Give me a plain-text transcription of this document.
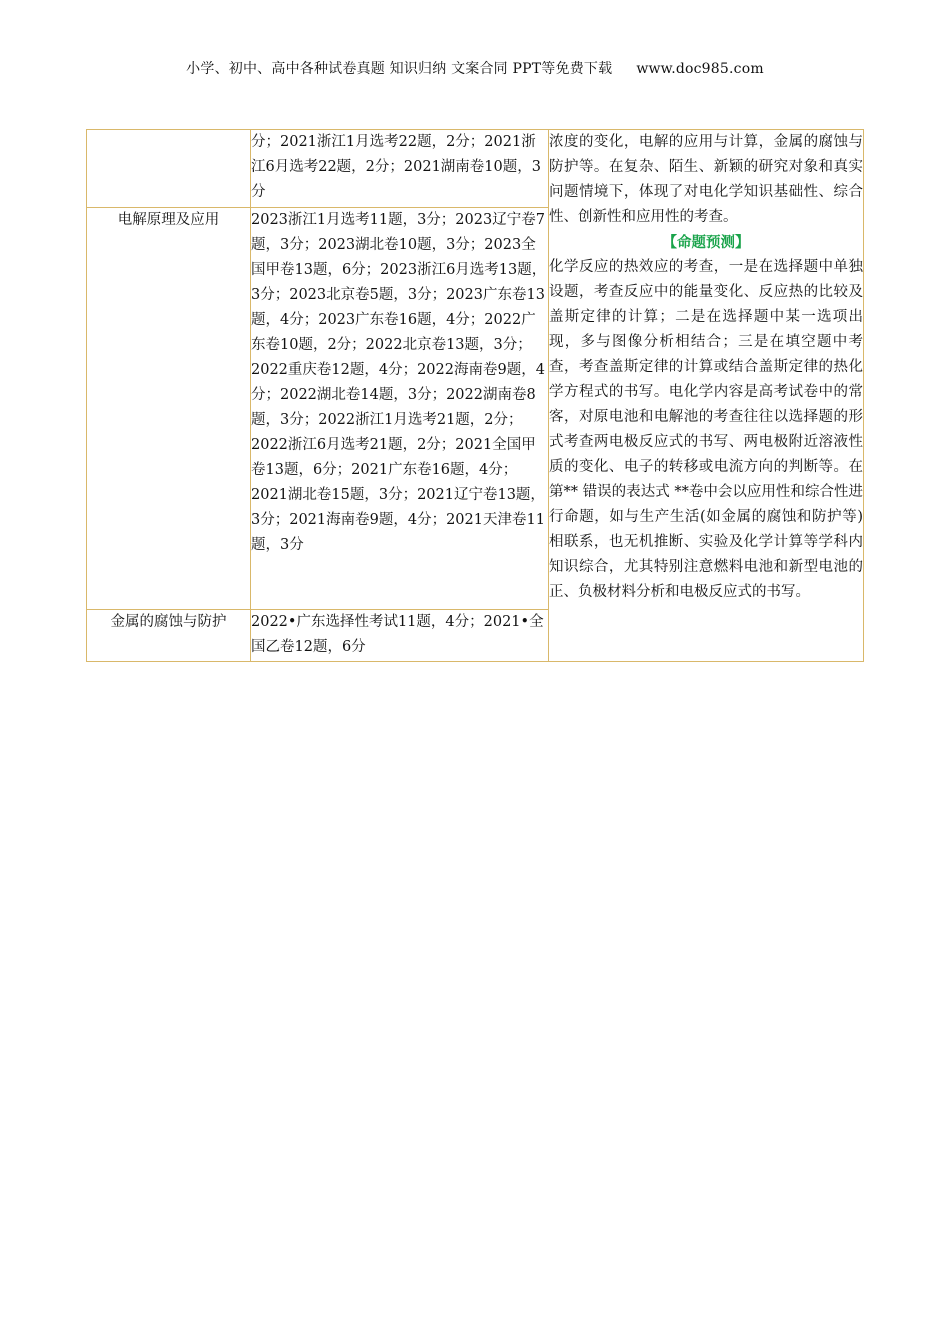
小学、初中、高中各种试卷真题 知识归纳 文案合同 PPT等免费下载 www.doc985.com
	分；2021浙江1月选考22题，2分；2021浙江6月选考22题，2分；2021湖南卷10题，3分	浓度的变化，电解的应用与计算，金属的腐蚀与防护等。在复杂、陌生、新颖的研究对象和真实问题情境下，体现了对电化学知识基础性、综合性、创新性和应用性的考查。
【命题预测】
化学反应的热效应的考查，一是在选择题中单独设题，考查反应中的能量变化、反应热的比较及盖斯定律的计算；二是在选择题中某一选项出现，多与图像分析相结合；三是在填空题中考查，考查盖斯定律的计算或结合盖斯定律的热化学方程式的书写。电化学内容是高考试卷中的常客，对原电池和电解池的考查往往以选择题的形式考查两电极反应式的书写、两电极附近溶液性质的变化、电子的转移或电流方向的判断等。在第** 错误的表达式 **卷中会以应用性和综合性进行命题，如与生产生活(如金属的腐蚀和防护等)相联系，也无机推断、实验及化学计算等学科内知识综合，尤其特别注意燃料电池和新型电池的正、负极材料分析和电极反应式的书写。
电解原理及应用	2023浙江1月选考11题，3分；2023辽宁卷7题，3分；2023湖北卷10题，3分；2023全国甲卷13题，6分；2023浙江6月选考13题，3分；2023北京卷5题，3分；2023广东卷13题，4分；2023广东卷16题，4分；2022广东卷10题，2分；2022北京卷13题，3分；2022重庆卷12题，4分；2022海南卷9题，4分；2022湖北卷14题，3分；2022湖南卷8题，3分；2022浙江1月选考21题，2分；2022浙江6月选考21题，2分；2021全国甲卷13题，6分；2021广东卷16题，4分；2021湖北卷15题，3分；2021辽宁卷13题，3分；2021海南卷9题，4分；2021天津卷11题，3分	
金属的腐蚀与防护	2022•广东选择性考试11题，4分；2021•全国乙卷12题，6分	
